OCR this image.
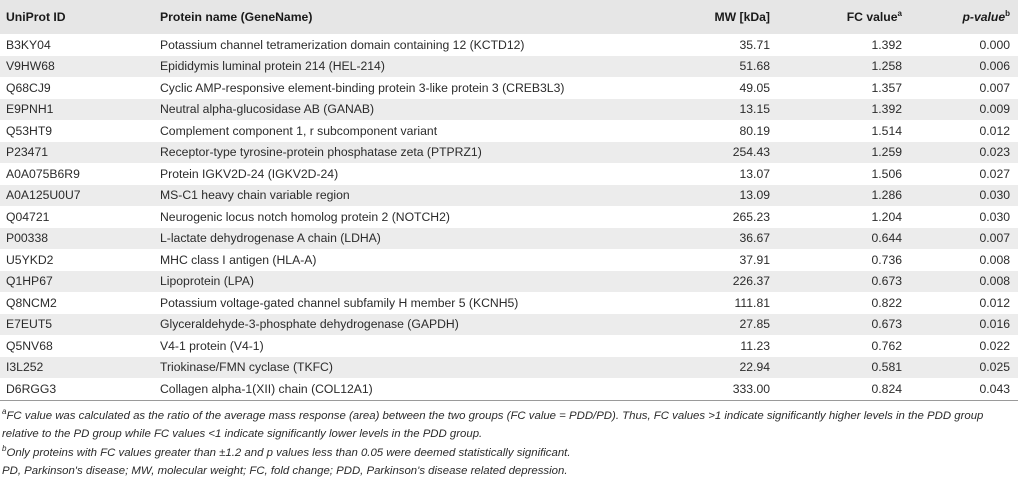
UniProt ID	Protein name (GeneName)	MW [kDa]	FC value$^a$	p-value$^b$
B3KY04	Potassium channel tetramerization domain containing 12 (KCTD12)	35.71	1.392	0.000
V9HW68	Epididymis luminal protein 214 (HEL-214)	51.68	1.258	0.006
Q68CJ9	Cyclic AMP-responsive element-binding protein 3-like protein 3 (CREB3L3)	49.05	1.357	0.007
E9PNH1	Neutral alpha-glucosidase AB (GANAB)	13.15	1.392	0.009
Q53HT9	Complement component 1, r subcomponent variant	80.19	1.514	0.012
P23471	Receptor-type tyrosine-protein phosphatase zeta (PTPRZ1)	254.43	1.259	0.023
A0A075B6R9	Protein IGKV2D-24 (IGKV2D-24)	13.07	1.506	0.027
A0A125U0U7	MS-C1 heavy chain variable region	13.09	1.286	0.030
Q04721	Neurogenic locus notch homolog protein 2 (NOTCH2)	265.23	1.204	0.030
P00338	L-lactate dehydrogenase A chain (LDHA)	36.67	0.644	0.007
U5YKD2	MHC class I antigen (HLA-A)	37.91	0.736	0.008
Q1HP67	Lipoprotein (LPA)	226.37	0.673	0.008
Q8NCM2	Potassium voltage-gated channel subfamily H member 5 (KCNH5)	111.81	0.822	0.012
E7EUT5	Glyceraldehyde-3-phosphate dehydrogenase (GAPDH)	27.85	0.673	0.016
Q5NV68	V4-1 protein (V4-1)	11.23	0.762	0.022
I3L252	Triokinase/FMN cyclase (TKFC)	22.94	0.581	0.025
D6RGG3	Collagen alpha-1(XII) chain (COL12A1)	333.00	0.824	0.043

$^a$FC value was calculated as the ratio of the average mass response (area) between the two groups (FC value = PDD/PD). Thus, FC values >1 indicate significantly higher levels in the PDD group relative to the PD group while FC values <1 indicate significantly lower levels in the PDD group.

$^b$Only proteins with FC values greater than ±1.2 and p values less than 0.05 were deemed statistically significant.

PD, Parkinson's disease; MW, molecular weight; FC, fold change; PDD, Parkinson's disease related depression.
